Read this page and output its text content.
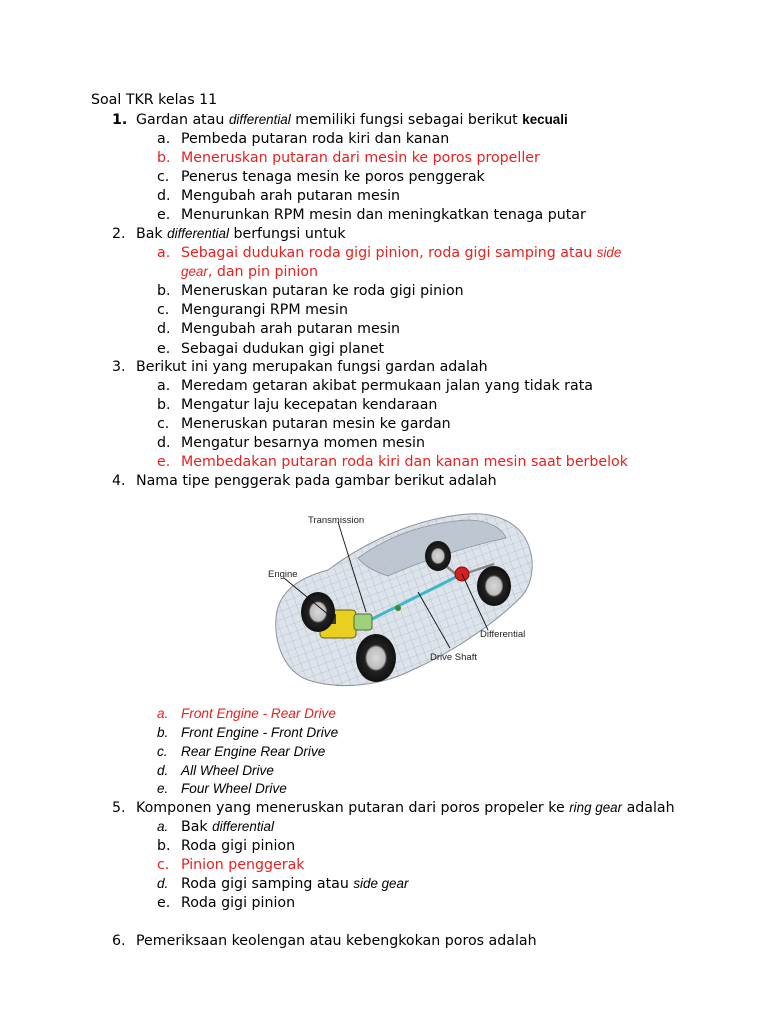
Soal TKR kelas 11
1. Gardan atau differential memiliki fungsi sebagai berikut kecuali
a. Pembeda putaran roda kiri dan kanan
b. Meneruskan putaran dari mesin ke poros propeller
c. Penerus tenaga mesin ke poros penggerak
d. Mengubah arah putaran mesin
e. Menurunkan RPM mesin dan meningkatkan tenaga putar
2. Bak differential berfungsi untuk
a. Sebagai dudukan roda gigi pinion, roda gigi samping atau side
gear, dan pin pinion
b. Meneruskan putaran ke roda gigi pinion
c. Mengurangi RPM mesin
d. Mengubah arah putaran mesin
e. Sebagai dudukan gigi planet
3. Berikut ini yang merupakan fungsi gardan adalah
a. Meredam getaran akibat permukaan jalan yang tidak rata
b. Mengatur laju kecepatan kendaraan
c. Meneruskan putaran mesin ke gardan
d. Mengatur besarnya momen mesin
e. Membedakan putaran roda kiri dan kanan mesin saat berbelok
4. Nama tipe penggerak pada gambar berikut adalah
Transmission
Engine
Differential
Drive Shaft
a. Front Engine - Rear Drive
b. Front Engine - Front Drive
c. Rear Engine Rear Drive
d. All Wheel Drive
e. Four Wheel Drive
5. Komponen yang meneruskan putaran dari poros propeler ke ring gear adalah
a. Bak differential
b. Roda gigi pinion
c. Pinion penggerak
d. Roda gigi samping atau side gear
e. Roda gigi pinion
6. Pemeriksaan keolengan atau kebengkokan poros adalah
